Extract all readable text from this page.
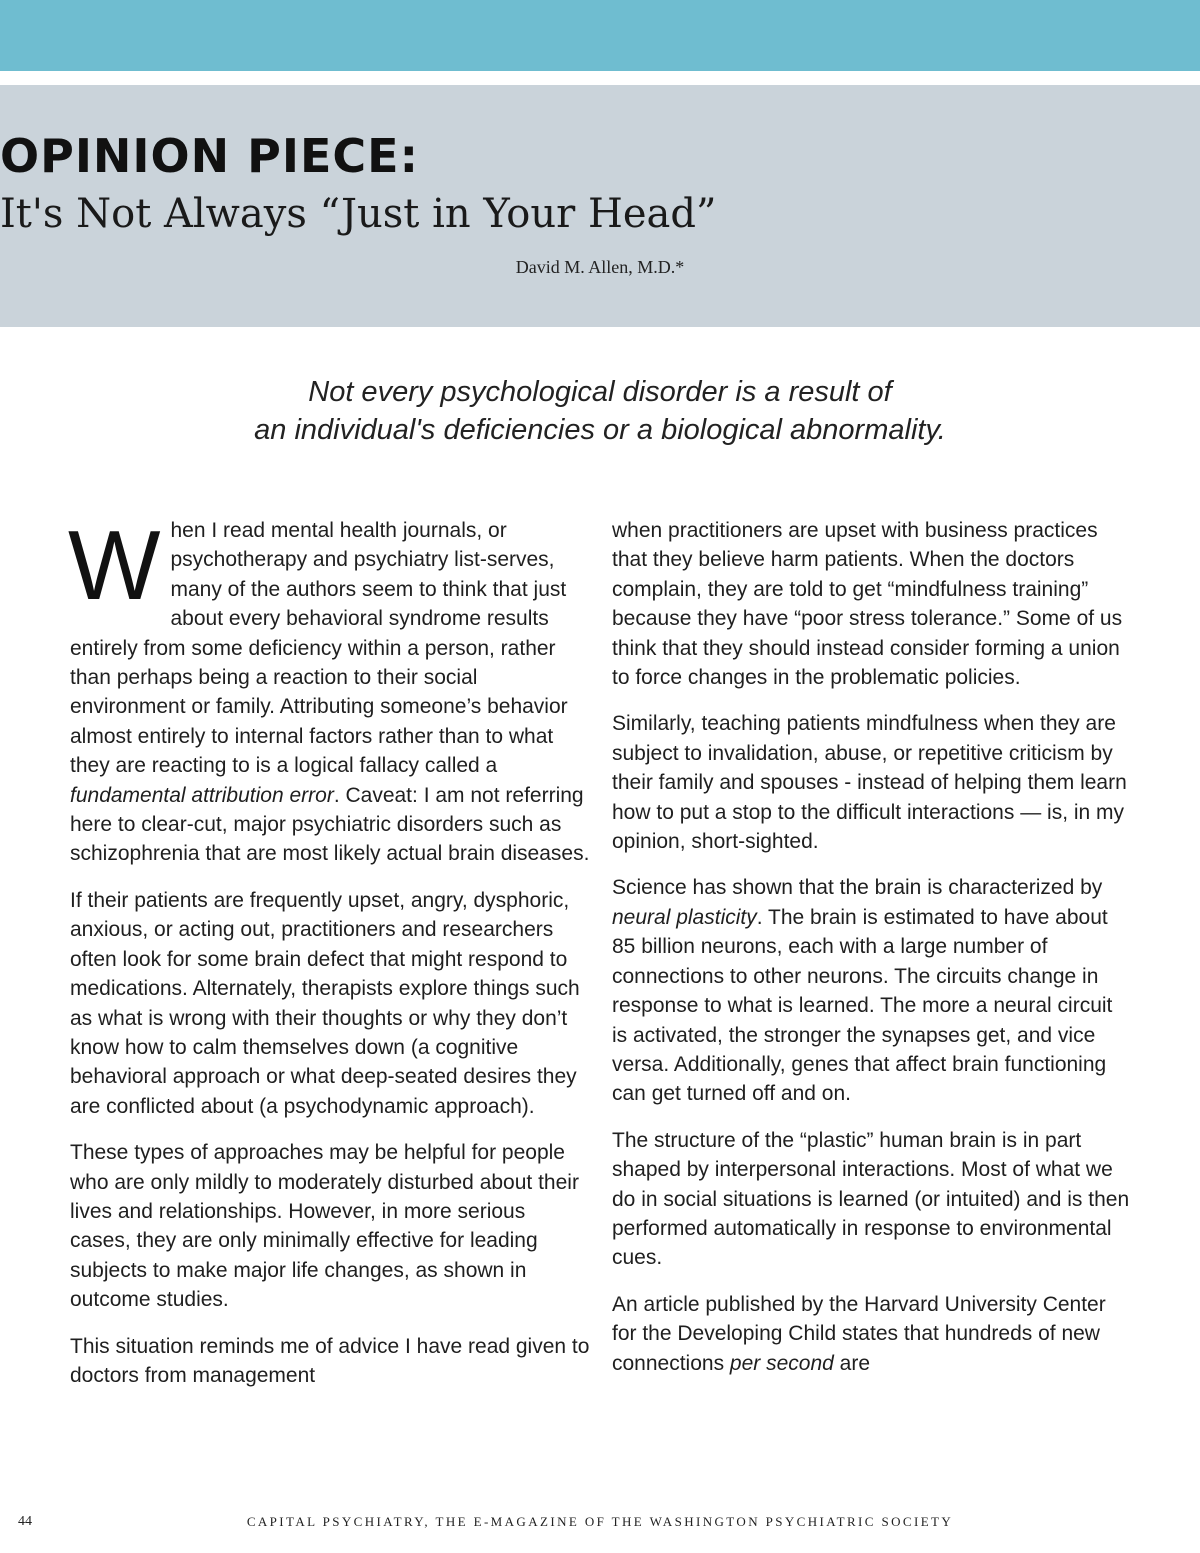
OPINION PIECE:
It's Not Always “Just in Your Head”
David M. Allen, M.D.*
Not every psychological disorder is a result of
an individual's deficiencies or a biological abnormality.

When I read mental health journals, or psychotherapy and psychiatry list-serves, many of the authors seem to think that just about every behavioral syndrome results entirely from some deficiency within a person, rather than perhaps being a reaction to their social environment or family. Attributing someone’s behavior almost entirely to internal factors rather than to what they are reacting to is a logical fallacy called a fundamental attribution error. Caveat: I am not referring here to clear-cut, major psychiatric disorders such as schizophrenia that are most likely actual brain diseases.

If their patients are frequently upset, angry, dysphoric, anxious, or acting out, practitioners and researchers often look for some brain defect that might respond to medications. Alternately, therapists explore things such as what is wrong with their thoughts or why they don’t know how to calm themselves down (a cognitive behavioral approach or what deep-seated desires they are conflicted about (a psychodynamic approach).

These types of approaches may be helpful for people who are only mildly to moderately disturbed about their lives and relationships. However, in more serious cases, they are only minimally effective for leading subjects to make major life changes, as shown in outcome studies.

This situation reminds me of advice I have read given to doctors from management

when practitioners are upset with business practices that they believe harm patients. When the doctors complain, they are told to get “mindfulness training” because they have “poor stress tolerance.” Some of us think that they should instead consider forming a union to force changes in the problematic policies.

Similarly, teaching patients mindfulness when they are subject to invalidation, abuse, or repetitive criticism by their family and spouses - instead of helping them learn how to put a stop to the difficult interactions — is, in my opinion, short-sighted.

Science has shown that the brain is characterized by neural plasticity. The brain is estimated to have about 85 billion neurons, each with a large number of connections to other neurons. The circuits change in response to what is learned. The more a neural circuit is activated, the stronger the synapses get, and vice versa. Additionally, genes that affect brain functioning can get turned off and on.

The structure of the “plastic” human brain is in part shaped by interpersonal interactions. Most of what we do in social situations is learned (or intuited) and is then performed automatically in response to environmental cues.

An article published by the Harvard University Center for the Developing Child states that hundreds of new connections per second are

44	CAPITAL PSYCHIATRY, THE E-MAGAZINE OF THE WASHINGTON PSYCHIATRIC SOCIETY
